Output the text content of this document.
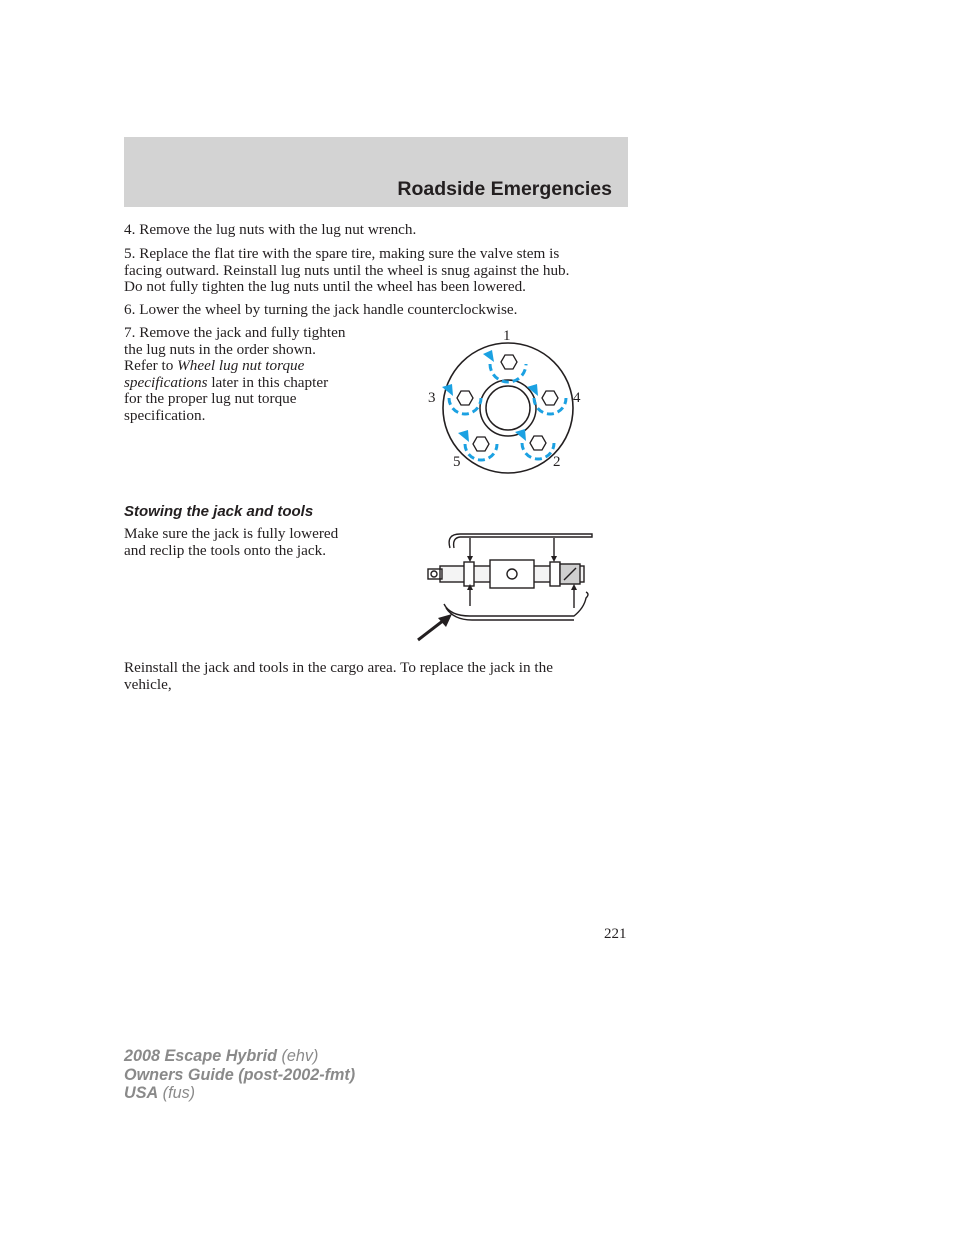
Roadside Emergencies

4. Remove the lug nuts with the lug nut wrench.

5. Replace the flat tire with the spare tire, making sure the valve stem is
facing outward. Reinstall lug nuts until the wheel is snug against the hub.
Do not fully tighten the lug nuts until the wheel has been lowered.

6. Lower the wheel by turning the jack handle counterclockwise.

7. Remove the jack and fully tighten
the lug nuts in the order shown.
Refer to Wheel lug nut torque
specifications later in this chapter
for the proper lug nut torque
specification.
1
2
3	4
5
Stowing the jack and tools
Make sure the jack is fully lowered
and reclip the tools onto the jack.
Reinstall the jack and tools in the cargo area. To replace the jack in the
vehicle,
221
2008 Escape Hybrid (ehv)
Owners Guide (post-2002-fmt)
USA (fus)
